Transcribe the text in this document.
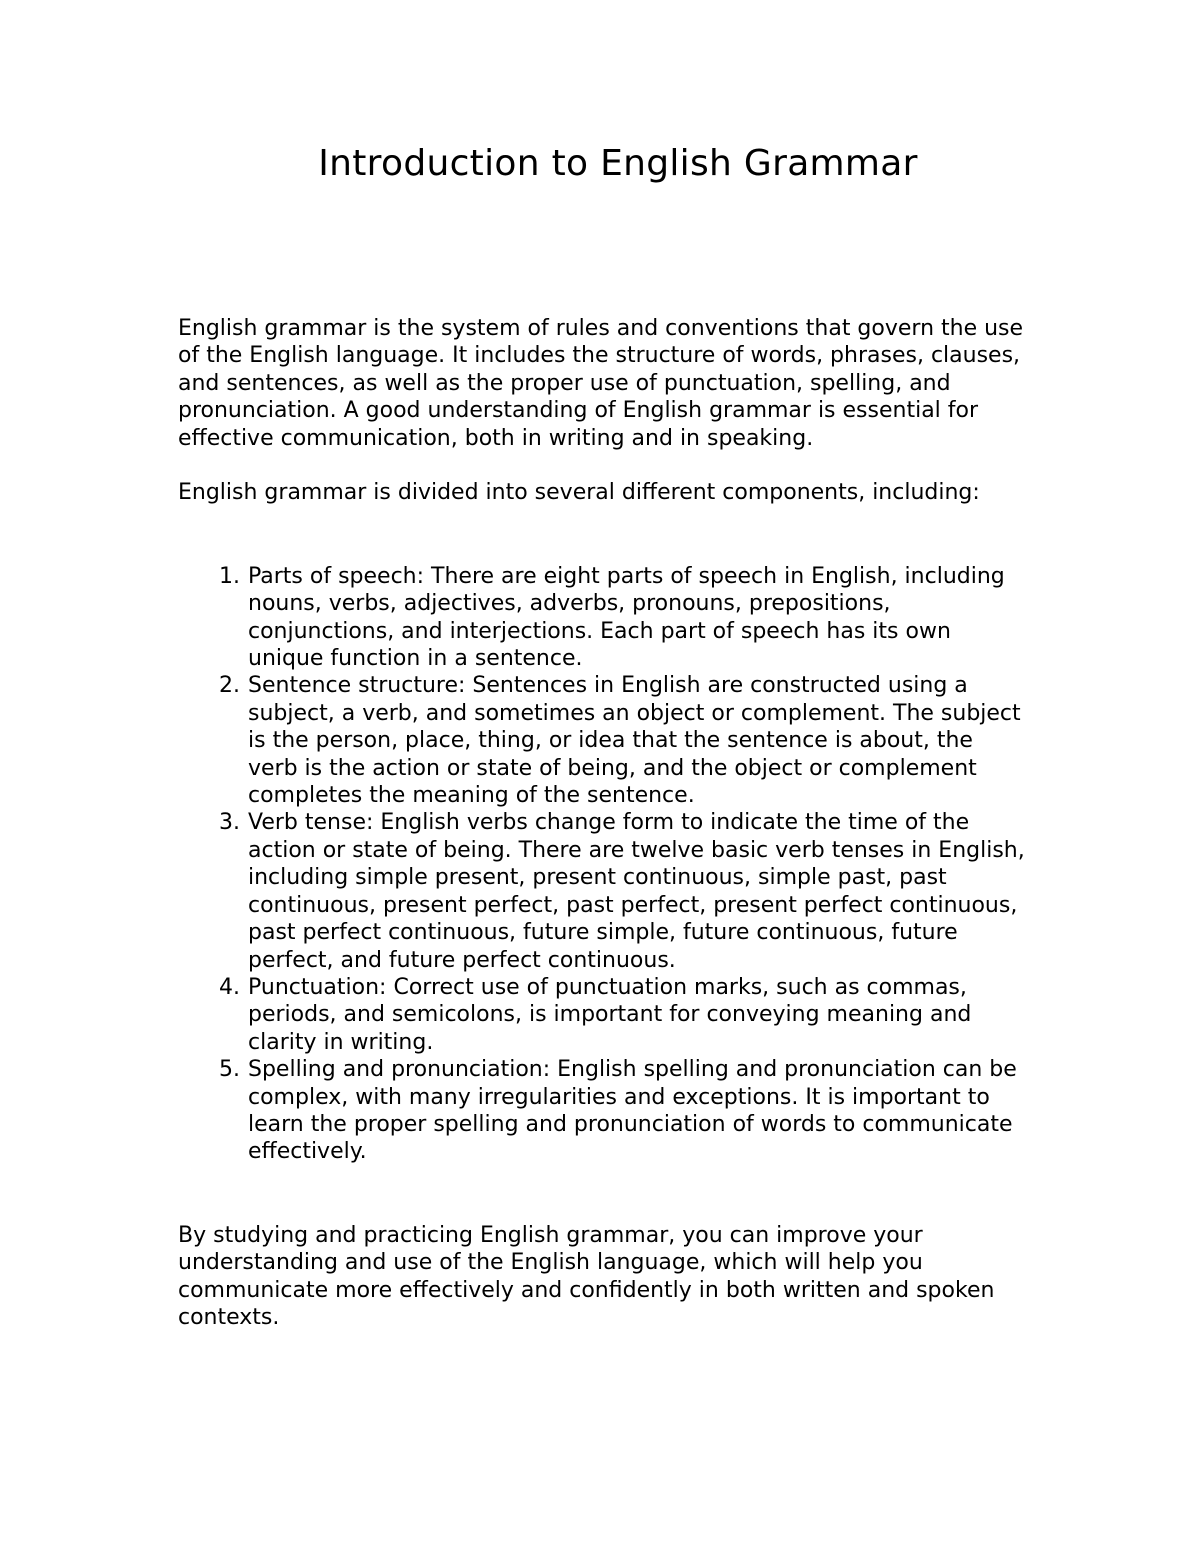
Introduction to English Grammar

English grammar is the system of rules and conventions that govern the use of the English language. It includes the structure of words, phrases, clauses, and sentences, as well as the proper use of punctuation, spelling, and pronunciation. A good understanding of English grammar is essential for effective communication, both in writing and in speaking.

English grammar is divided into several different components, including:

1. Parts of speech: There are eight parts of speech in English, including nouns, verbs, adjectives, adverbs, pronouns, prepositions, conjunctions, and interjections. Each part of speech has its own unique function in a sentence.
2. Sentence structure: Sentences in English are constructed using a subject, a verb, and sometimes an object or complement. The subject is the person, place, thing, or idea that the sentence is about, the verb is the action or state of being, and the object or complement completes the meaning of the sentence.
3. Verb tense: English verbs change form to indicate the time of the action or state of being. There are twelve basic verb tenses in English, including simple present, present continuous, simple past, past continuous, present perfect, past perfect, present perfect continuous, past perfect continuous, future simple, future continuous, future perfect, and future perfect continuous.
4. Punctuation: Correct use of punctuation marks, such as commas, periods, and semicolons, is important for conveying meaning and clarity in writing.
5. Spelling and pronunciation: English spelling and pronunciation can be complex, with many irregularities and exceptions. It is important to learn the proper spelling and pronunciation of words to communicate effectively.

By studying and practicing English grammar, you can improve your understanding and use of the English language, which will help you communicate more effectively and confidently in both written and spoken contexts.
